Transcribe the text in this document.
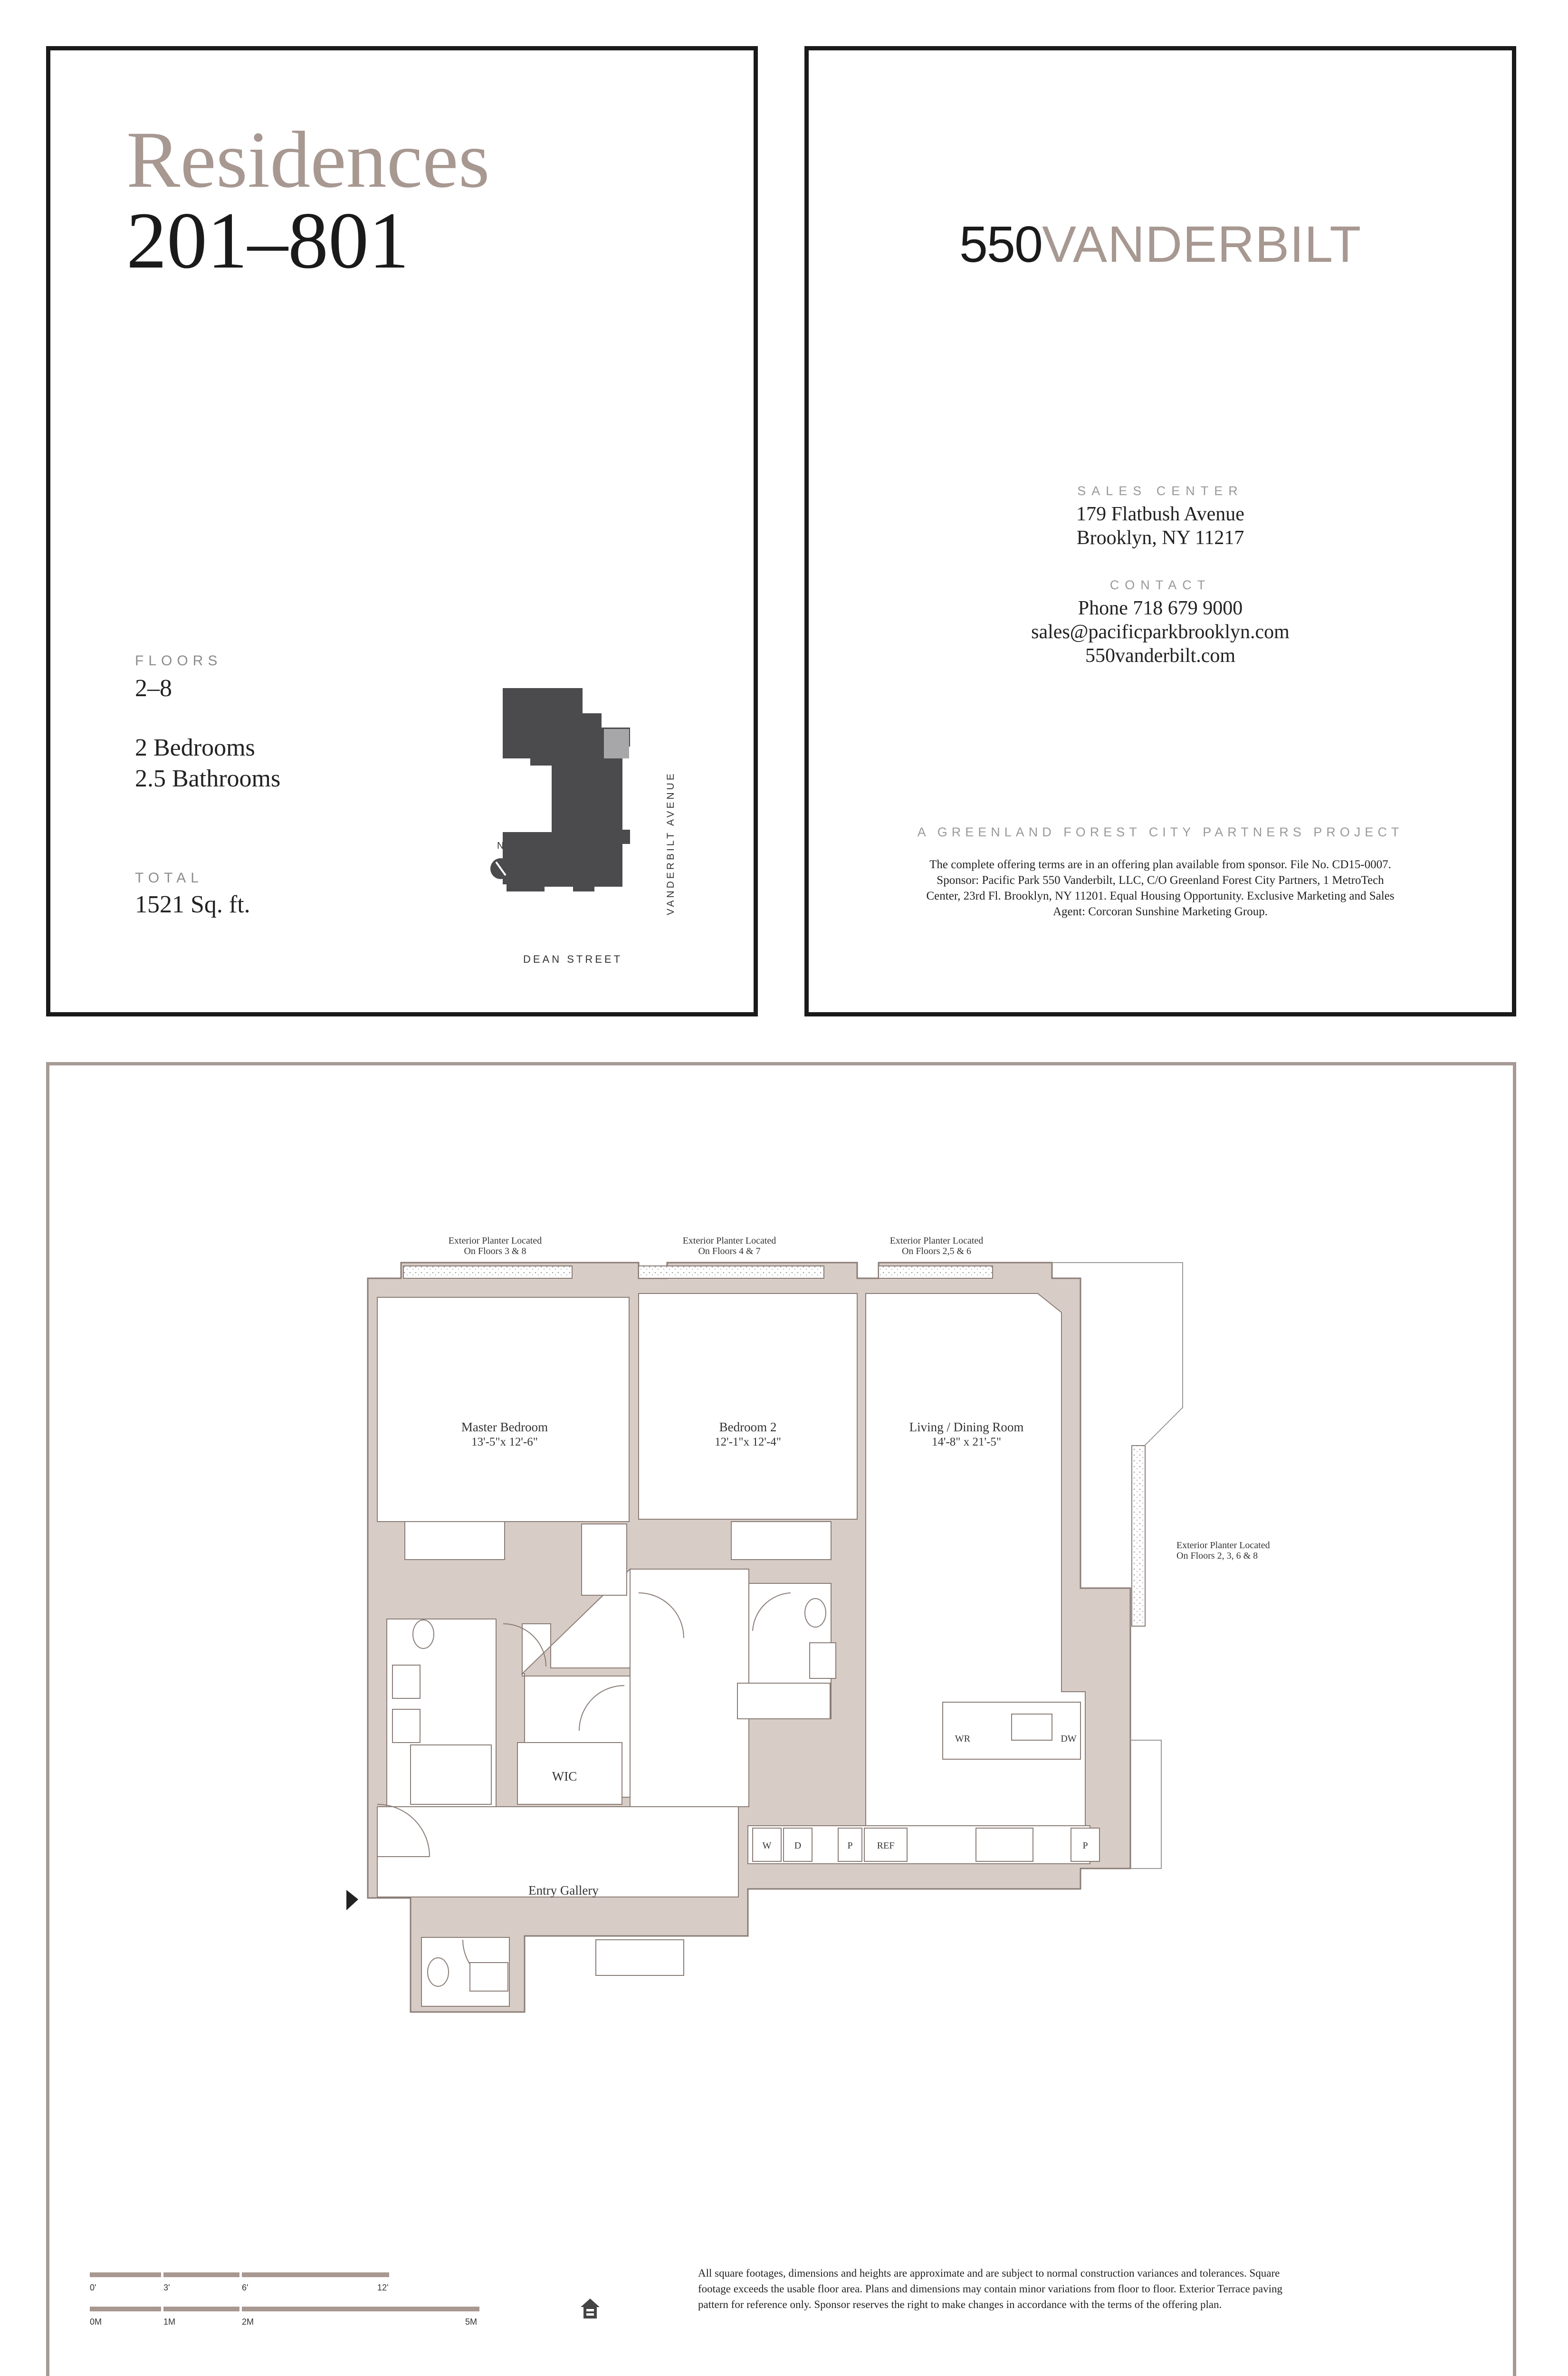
Residences
201–801
FLOORS
2–8
2 Bedrooms
2.5 Bathrooms
TOTAL
1521 Sq. ft.
N
DEAN STREET
VANDERBILT AVENUE
550VANDERBILT
SALES CENTER
179 Flatbush Avenue
Brooklyn, NY 11217
CONTACT
Phone 718 679 9000
sales@pacificparkbrooklyn.com
550vanderbilt.com
A GREENLAND FOREST CITY PARTNERS PROJECT
The complete offering terms are in an offering plan available from sponsor. File No. CD15-0007.
Sponsor: Pacific Park 550 Vanderbilt, LLC, C/O Greenland Forest City Partners, 1 MetroTech
Center, 23rd Fl. Brooklyn, NY 11201. Equal Housing Opportunity. Exclusive Marketing and Sales
Agent: Corcoran Sunshine Marketing Group.
Exterior Planter Located
On Floors 3 & 8
Exterior Planter Located
On Floors 4 & 7
Exterior Planter Located
On Floors 2,5 & 6
Exterior Planter Located
On Floors 2, 3, 6 & 8
Master Bedroom
13'-5"x 12'-6"
Bedroom 2
12'-1"x 12'-4"
Living / Dining Room
14'-8" x 21'-5"
WIC
Entry Gallery
WR	DW
W D	P	REF	P
0'	3'	6'	12'
0M	1M	2M	5M
All square footages, dimensions and heights are approximate and are subject to normal construction variances and tolerances. Square
footage exceeds the usable floor area. Plans and dimensions may contain minor variations from floor to floor. Exterior Terrace paving
pattern for reference only. Sponsor reserves the right to make changes in accordance with the terms of the offering plan.
